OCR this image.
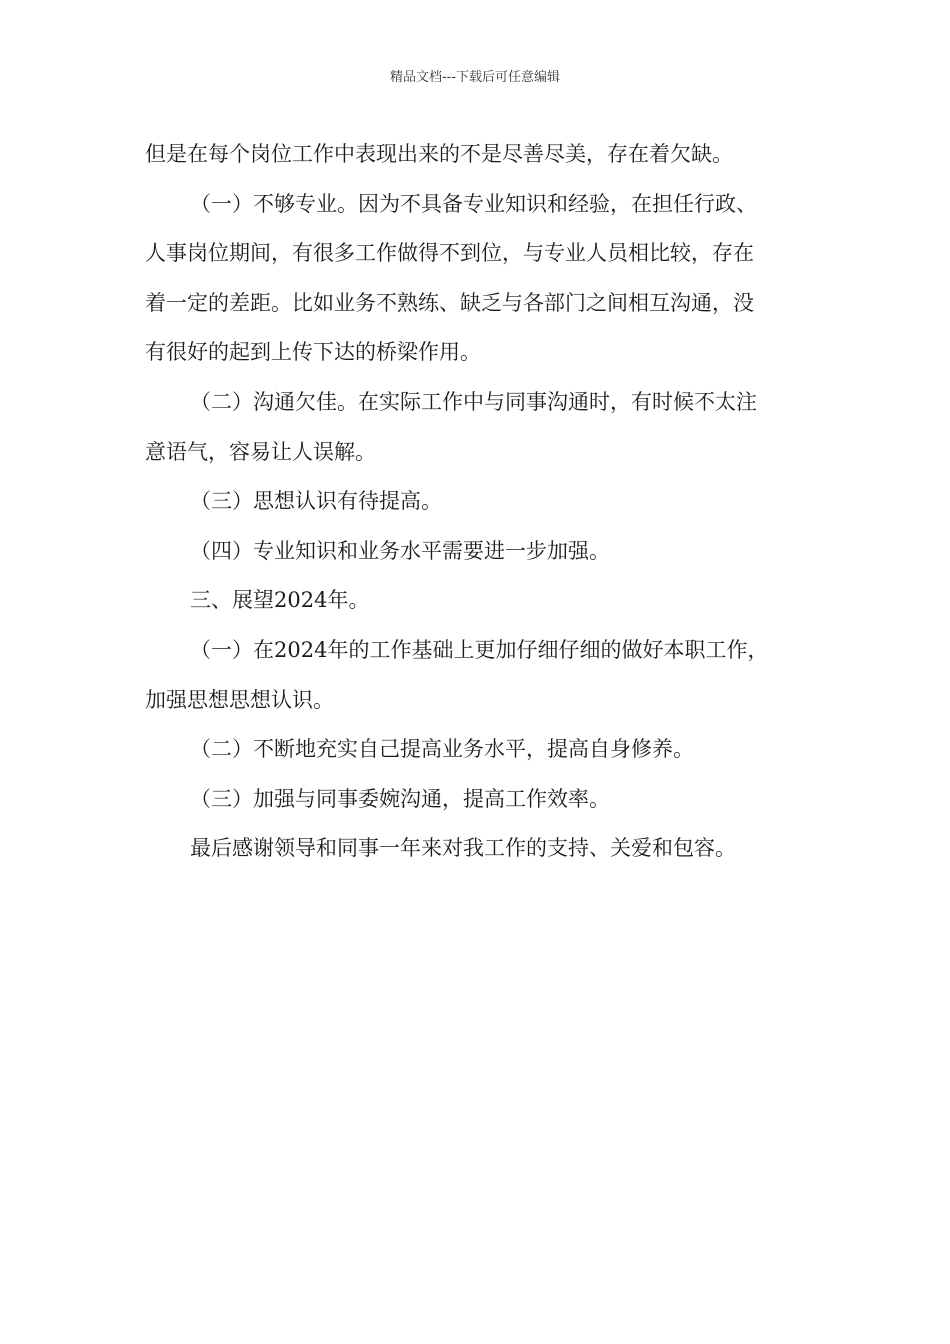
精品文档---下载后可任意编辑

但是在每个岗位工作中表现出来的不是尽善尽美，存在着欠缺。

（一）不够专业。因为不具备专业知识和经验，在担任行政、

人事岗位期间，有很多工作做得不到位，与专业人员相比较，存在

着一定的差距。比如业务不熟练、缺乏与各部门之间相互沟通，没

有很好的起到上传下达的桥梁作用。

（二）沟通欠佳。在实际工作中与同事沟通时，有时候不太注

意语气，容易让人误解。

（三）思想认识有待提高。

（四）专业知识和业务水平需要进一步加强。

三、展望2024年。

（一）在2024年的工作基础上更加仔细仔细的做好本职工作，

加强思想思想认识。

（二）不断地充实自己提高业务水平，提高自身修养。

（三）加强与同事委婉沟通，提高工作效率。

最后感谢领导和同事一年来对我工作的支持、关爱和包容。
